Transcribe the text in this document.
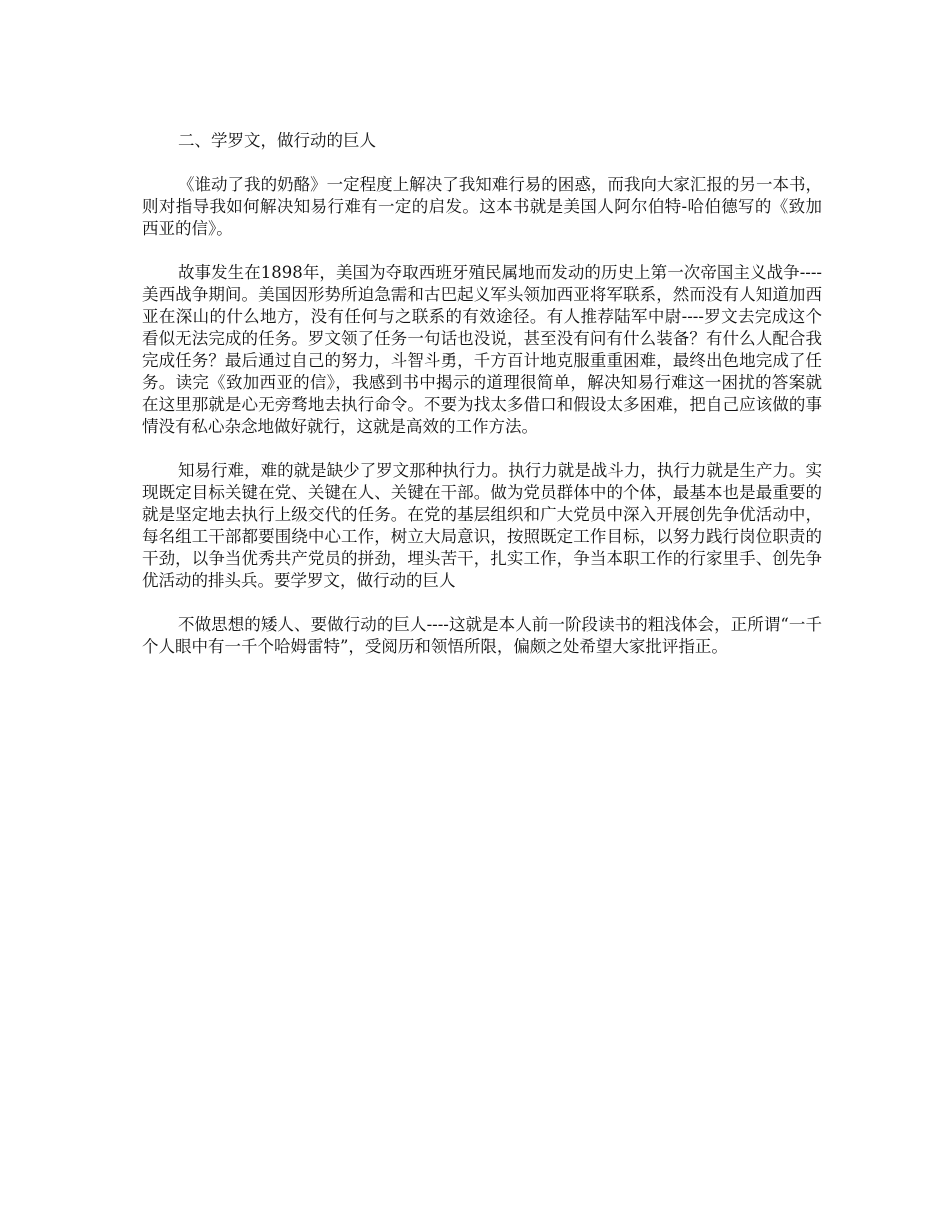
二、学罗文，做行动的巨人

《谁动了我的奶酪》一定程度上解决了我知难行易的困惑，而我向大家汇报的另一本书，则对指导我如何解决知易行难有一定的启发。这本书就是美国人阿尔伯特-哈伯德写的《致加西亚的信》。

故事发生在1898年，美国为夺取西班牙殖民属地而发动的历史上第一次帝国主义战争----美西战争期间。美国因形势所迫急需和古巴起义军头领加西亚将军联系，然而没有人知道加西亚在深山的什么地方，没有任何与之联系的有效途径。有人推荐陆军中尉----罗文去完成这个看似无法完成的任务。罗文领了任务一句话也没说，甚至没有问有什么装备？有什么人配合我完成任务？最后通过自己的努力，斗智斗勇，千方百计地克服重重困难，最终出色地完成了任务。读完《致加西亚的信》，我感到书中揭示的道理很简单，解决知易行难这一困扰的答案就在这里那就是心无旁骛地去执行命令。不要为找太多借口和假设太多困难，把自己应该做的事情没有私心杂念地做好就行，这就是高效的工作方法。

知易行难，难的就是缺少了罗文那种执行力。执行力就是战斗力，执行力就是生产力。实现既定目标关键在党、关键在人、关键在干部。做为党员群体中的个体，最基本也是最重要的就是坚定地去执行上级交代的任务。在党的基层组织和广大党员中深入开展创先争优活动中，每名组工干部都要围绕中心工作，树立大局意识，按照既定工作目标，以努力践行岗位职责的干劲，以争当优秀共产党员的拼劲，埋头苦干，扎实工作，争当本职工作的行家里手、创先争优活动的排头兵。要学罗文，做行动的巨人

不做思想的矮人、要做行动的巨人----这就是本人前一阶段读书的粗浅体会，正所谓“一千个人眼中有一千个哈姆雷特”，受阅历和领悟所限，偏颇之处希望大家批评指正。
